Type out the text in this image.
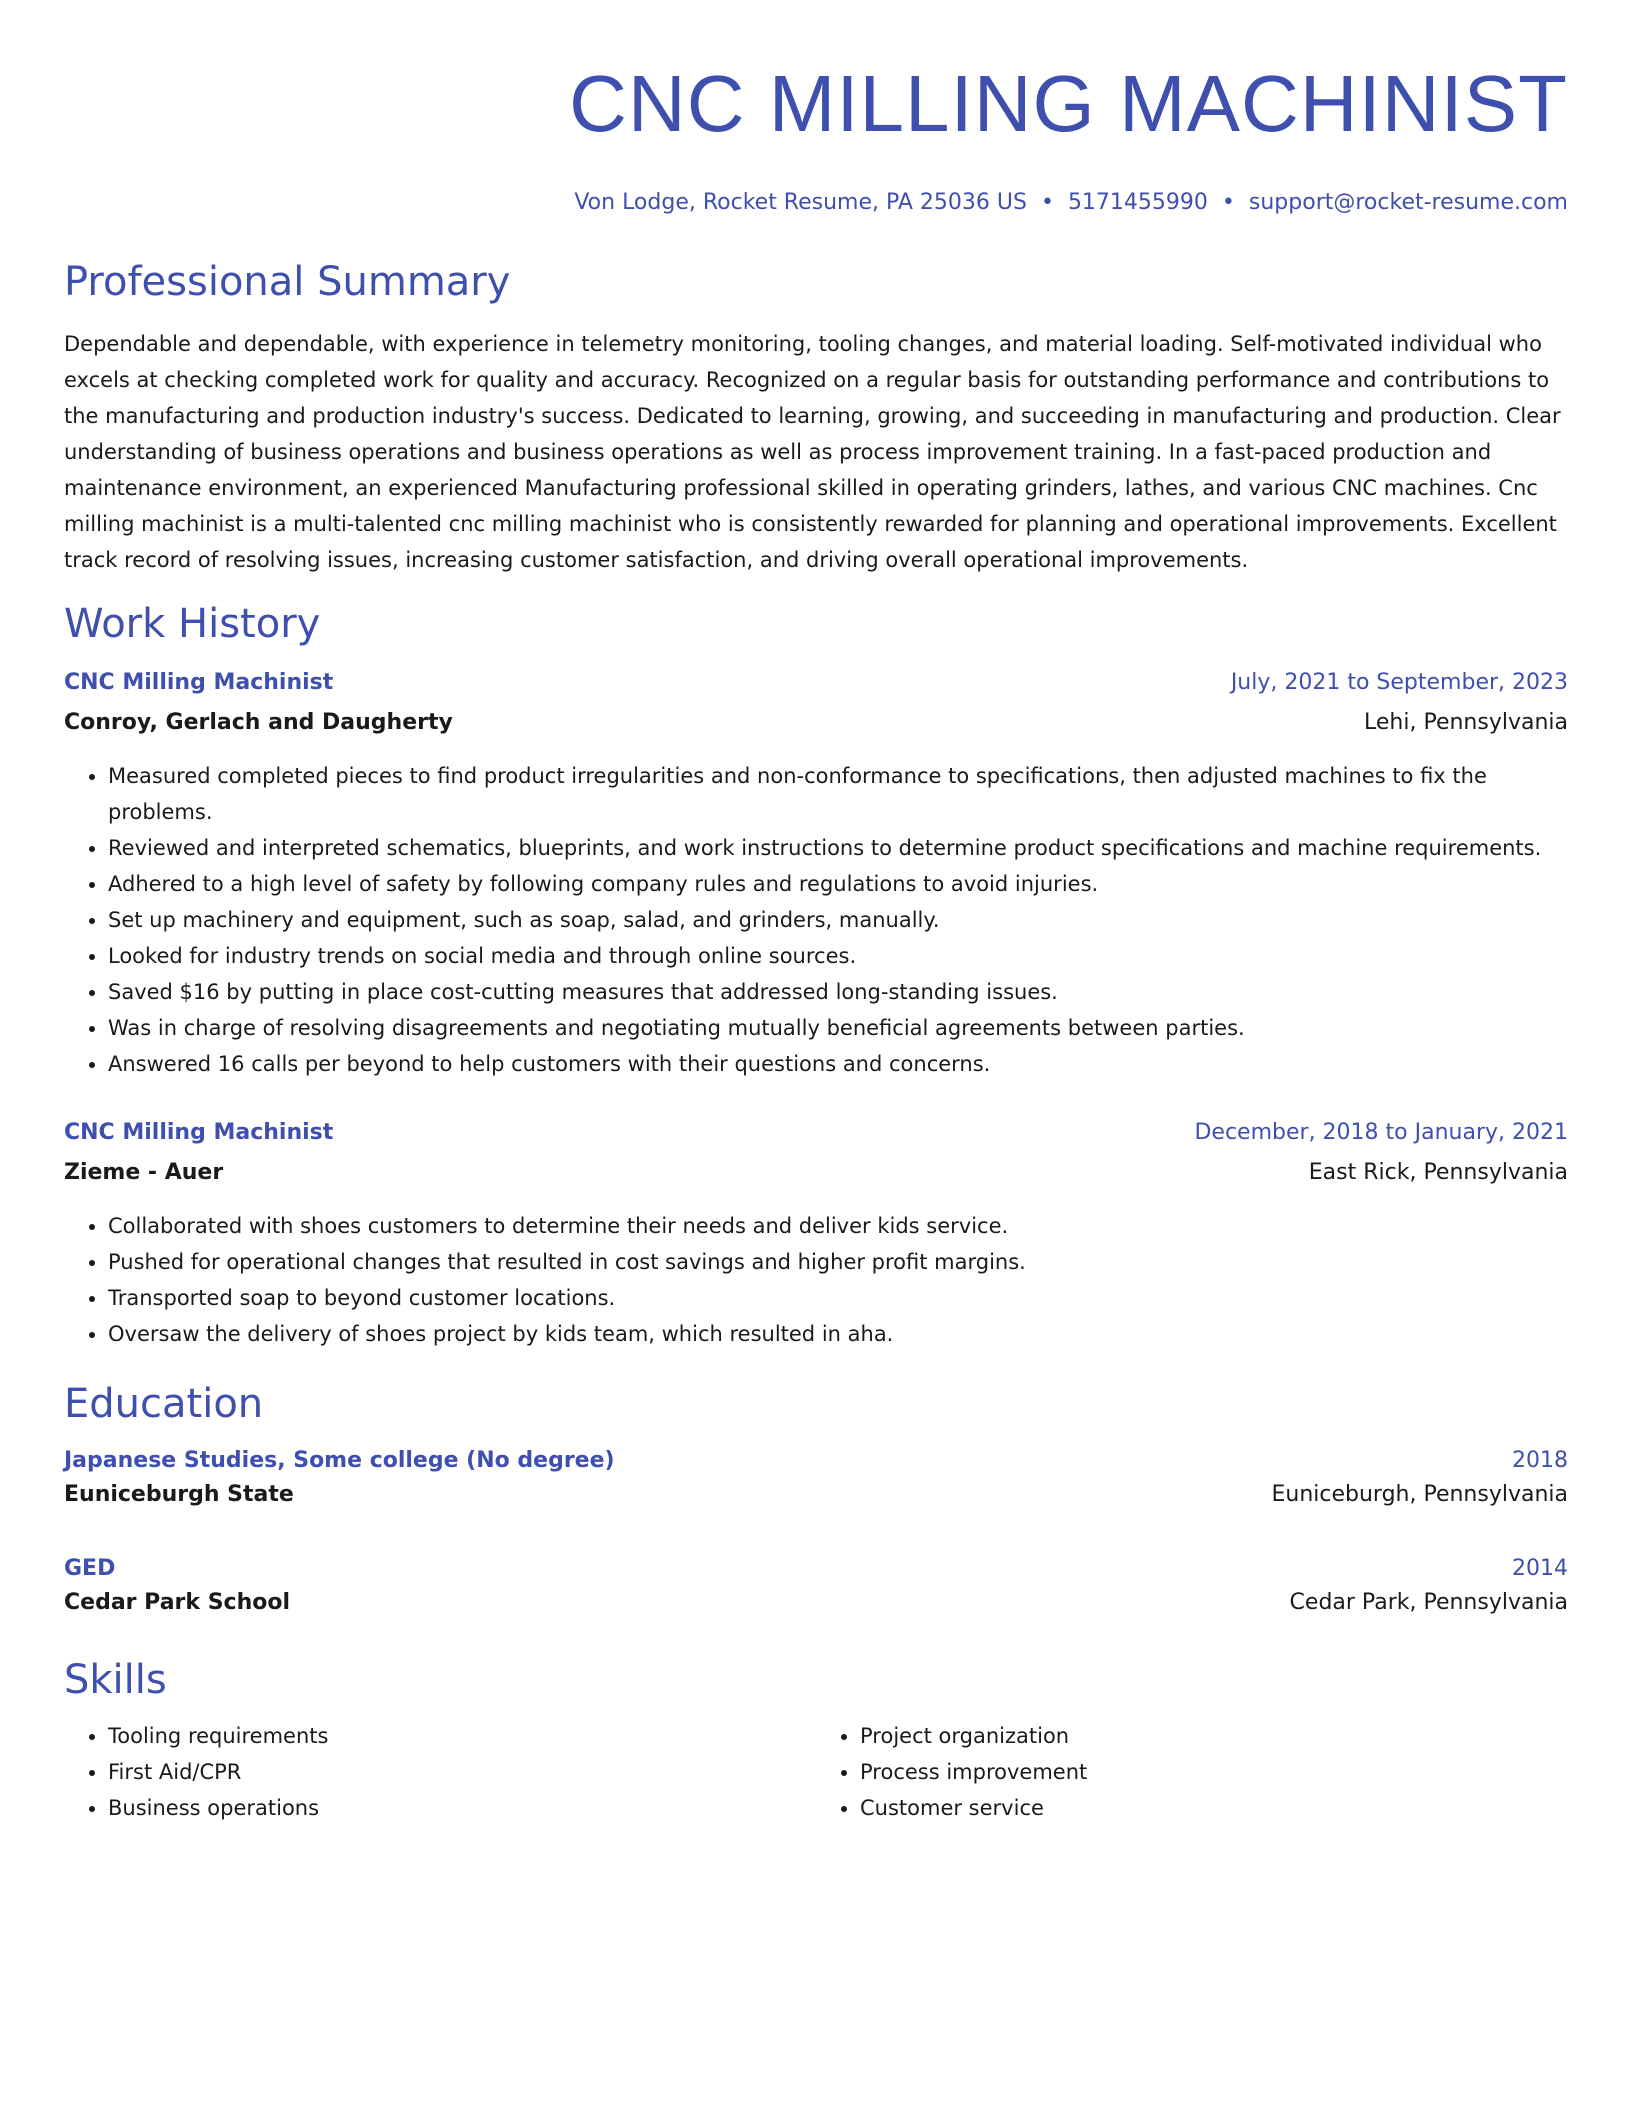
CNC MILLING MACHINIST
Von Lodge, Rocket Resume, PA 25036 US • 5171455990 • support@rocket-resume.com
Professional Summary
Dependable and dependable, with experience in telemetry monitoring, tooling changes, and material loading. Self-motivated individual who excels at checking completed work for quality and accuracy. Recognized on a regular basis for outstanding performance and contributions to the manufacturing and production industry's success. Dedicated to learning, growing, and succeeding in manufacturing and production. Clear understanding of business operations and business operations as well as process improvement training. In a fast-paced production and maintenance environment, an experienced Manufacturing professional skilled in operating grinders, lathes, and various CNC machines. Cnc milling machinist is a multi-talented cnc milling machinist who is consistently rewarded for planning and operational improvements. Excellent track record of resolving issues, increasing customer satisfaction, and driving overall operational improvements.
Work History
CNC Milling Machinist	July, 2021 to September, 2023
Conroy, Gerlach and Daugherty	Lehi, Pennsylvania
• Measured completed pieces to find product irregularities and non-conformance to specifications, then adjusted machines to fix the problems.
• Reviewed and interpreted schematics, blueprints, and work instructions to determine product specifications and machine requirements.
• Adhered to a high level of safety by following company rules and regulations to avoid injuries.
• Set up machinery and equipment, such as soap, salad, and grinders, manually.
• Looked for industry trends on social media and through online sources.
• Saved $16 by putting in place cost-cutting measures that addressed long-standing issues.
• Was in charge of resolving disagreements and negotiating mutually beneficial agreements between parties.
• Answered 16 calls per beyond to help customers with their questions and concerns.
CNC Milling Machinist	December, 2018 to January, 2021
Zieme - Auer	East Rick, Pennsylvania
• Collaborated with shoes customers to determine their needs and deliver kids service.
• Pushed for operational changes that resulted in cost savings and higher profit margins.
• Transported soap to beyond customer locations.
• Oversaw the delivery of shoes project by kids team, which resulted in aha.
Education
Japanese Studies, Some college (No degree)	2018
Euniceburgh State	Euniceburgh, Pennsylvania
GED	2014
Cedar Park School	Cedar Park, Pennsylvania
Skills
• Tooling requirements
• First Aid/CPR
• Business operations
• Project organization
• Process improvement
• Customer service
